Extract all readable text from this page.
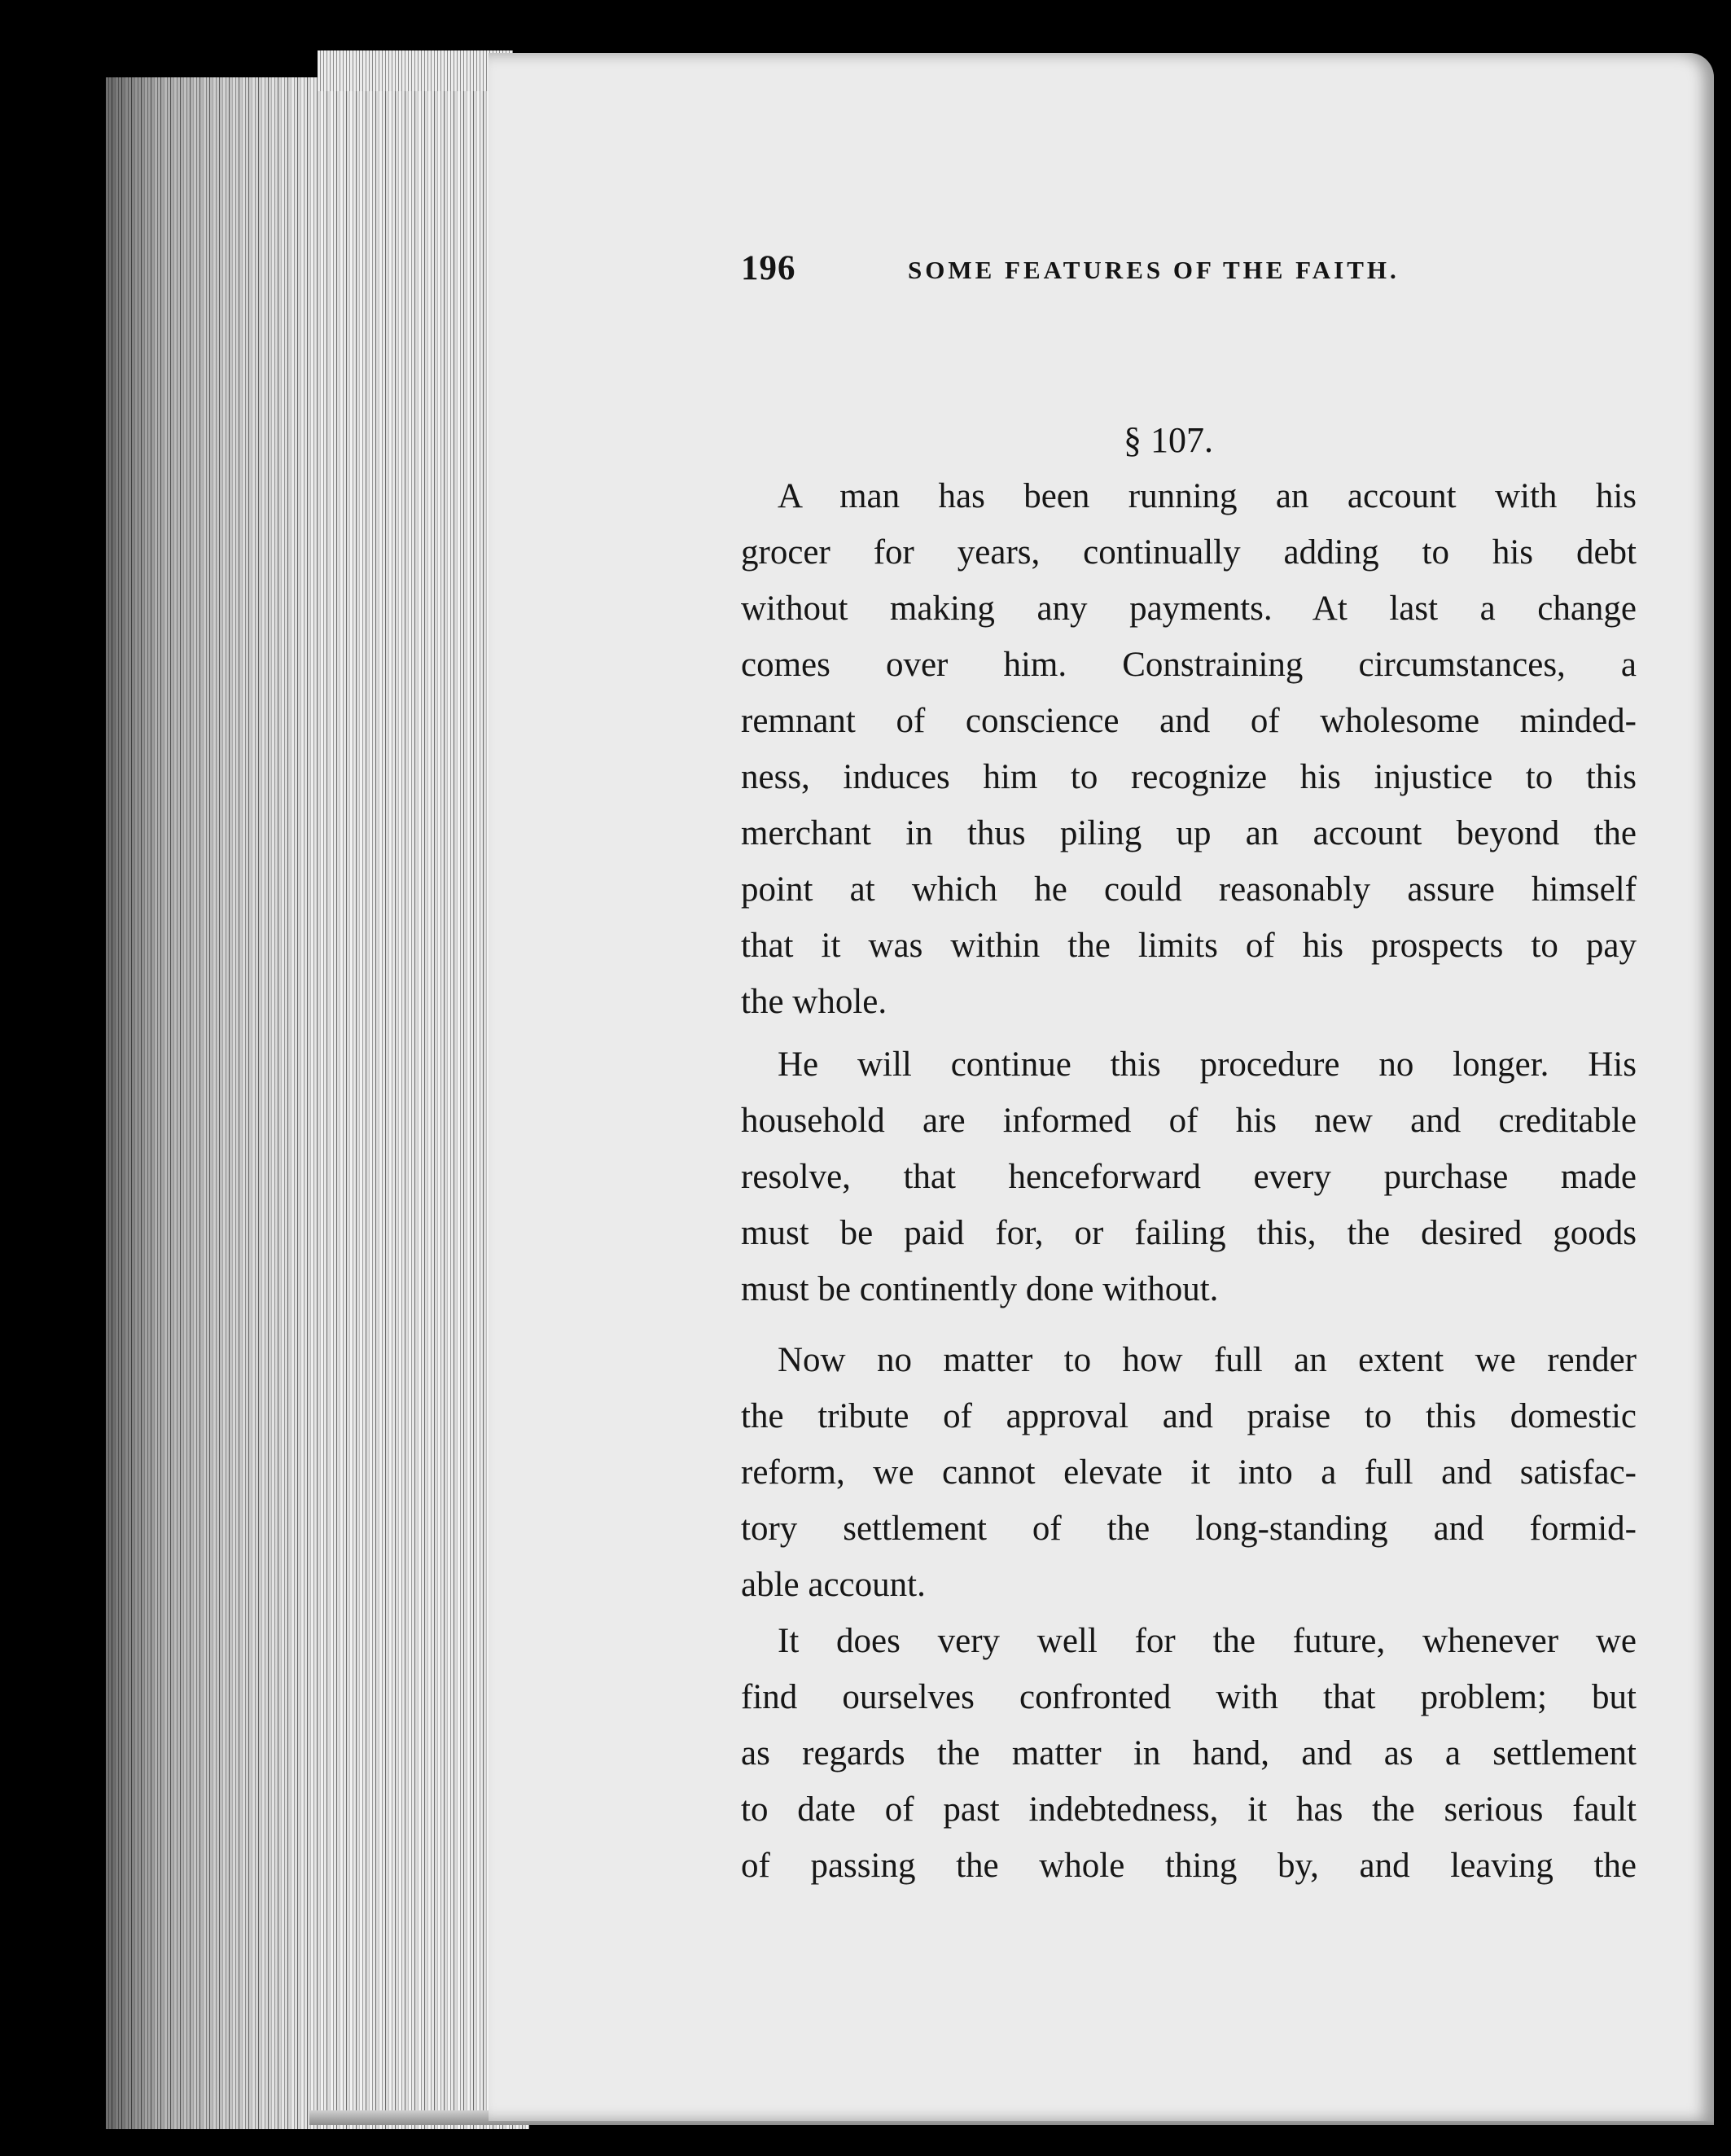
196	SOME FEATURES OF THE FAITH.
§ 107.
A man has been running an account with his
grocer for years, continually adding to his debt
without making any payments. At last a change
comes over him. Constraining circumstances, a
remnant of conscience and of wholesome minded-
ness, induces him to recognize his injustice to this
merchant in thus piling up an account beyond the
point at which he could reasonably assure himself
that it was within the limits of his prospects to pay
the whole.
He will continue this procedure no longer. His
household are informed of his new and creditable
resolve, that henceforward every purchase made
must be paid for, or failing this, the desired goods
must be continently done without.
Now no matter to how full an extent we render
the tribute of approval and praise to this domestic
reform, we cannot elevate it into a full and satisfac-
tory settlement of the long-standing and formid-
able account.
It does very well for the future, whenever we
find ourselves confronted with that problem; but
as regards the matter in hand, and as a settlement
to date of past indebtedness, it has the serious fault
of passing the whole thing by, and leaving the
